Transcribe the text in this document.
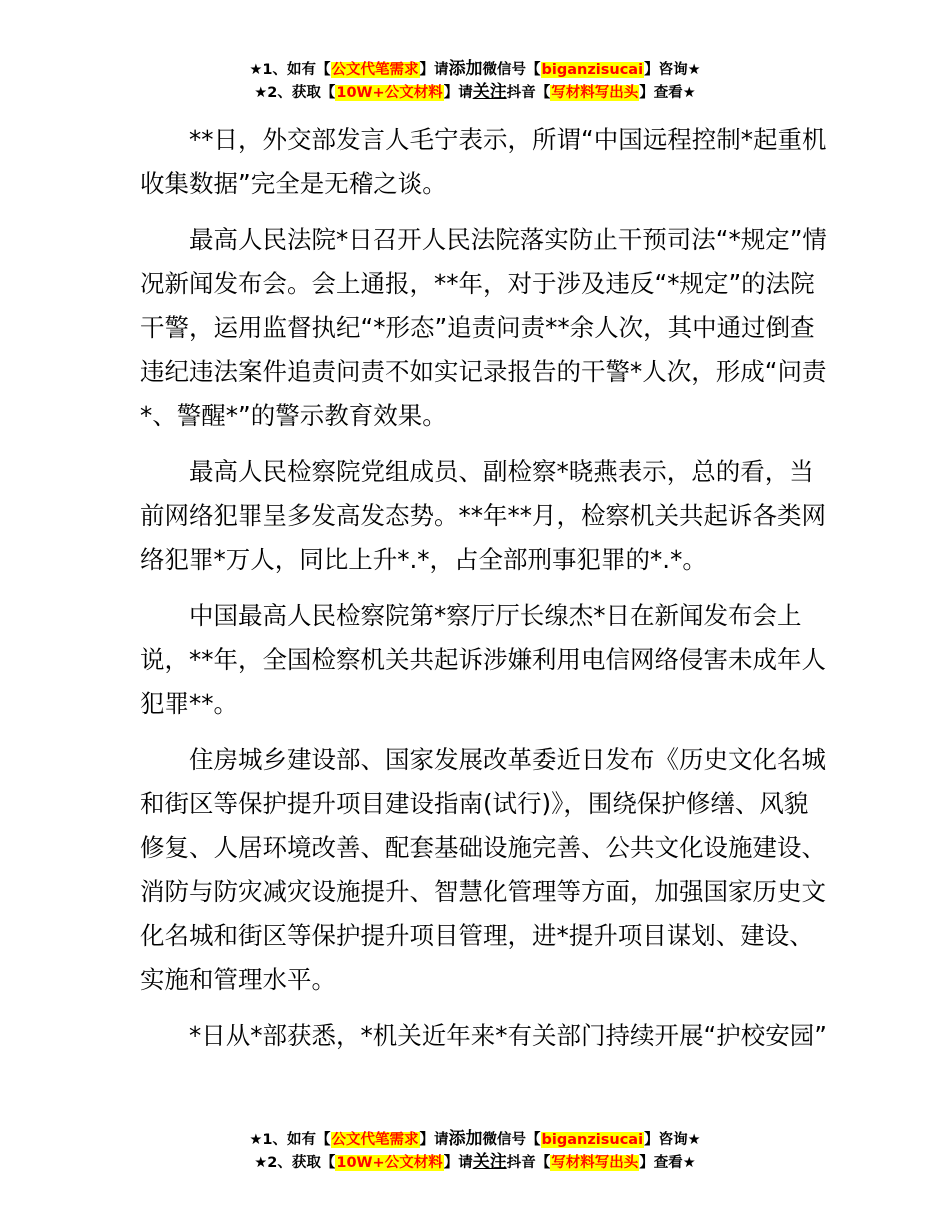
★1、如有【公文代笔需求】请添加微信号【biganzisucai】咨询★
★2、获取【10W+公文材料】请关注抖音【写材料写出头】查看★

**日，外交部发言人毛宁表示，所谓“中国远程控制*起重机收集数据”完全是无稽之谈。

最高人民法院*日召开人民法院落实防止干预司法“*规定”情况新闻发布会。会上通报，**年，对于涉及违反“*规定”的法院干警，运用监督执纪“*形态”追责问责**余人次，其中通过倒查违纪违法案件追责问责不如实记录报告的干警*人次，形成“问责*、警醒*”的警示教育效果。

最高人民检察院党组成员、副检察*晓燕表示，总的看，当前网络犯罪呈多发高发态势。**年**月，检察机关共起诉各类网络犯罪*万人，同比上升*.*，占全部刑事犯罪的*.*。

中国最高人民检察院第*察厅厅长缐杰*日在新闻发布会上说，**年，全国检察机关共起诉涉嫌利用电信网络侵害未成年人犯罪**。

住房城乡建设部、国家发展改革委近日发布《历史文化名城和街区等保护提升项目建设指南(试行)》，围绕保护修缮、风貌修复、人居环境改善、配套基础设施完善、公共文化设施建设、消防与防灾减灾设施提升、智慧化管理等方面，加强国家历史文化名城和街区等保护提升项目管理，进*提升项目谋划、建设、实施和管理水平。

*日从*部获悉，*机关近年来*有关部门持续开展“护校安园”

★1、如有【公文代笔需求】请添加微信号【biganzisucai】咨询★
★2、获取【10W+公文材料】请关注抖音【写材料写出头】查看★
